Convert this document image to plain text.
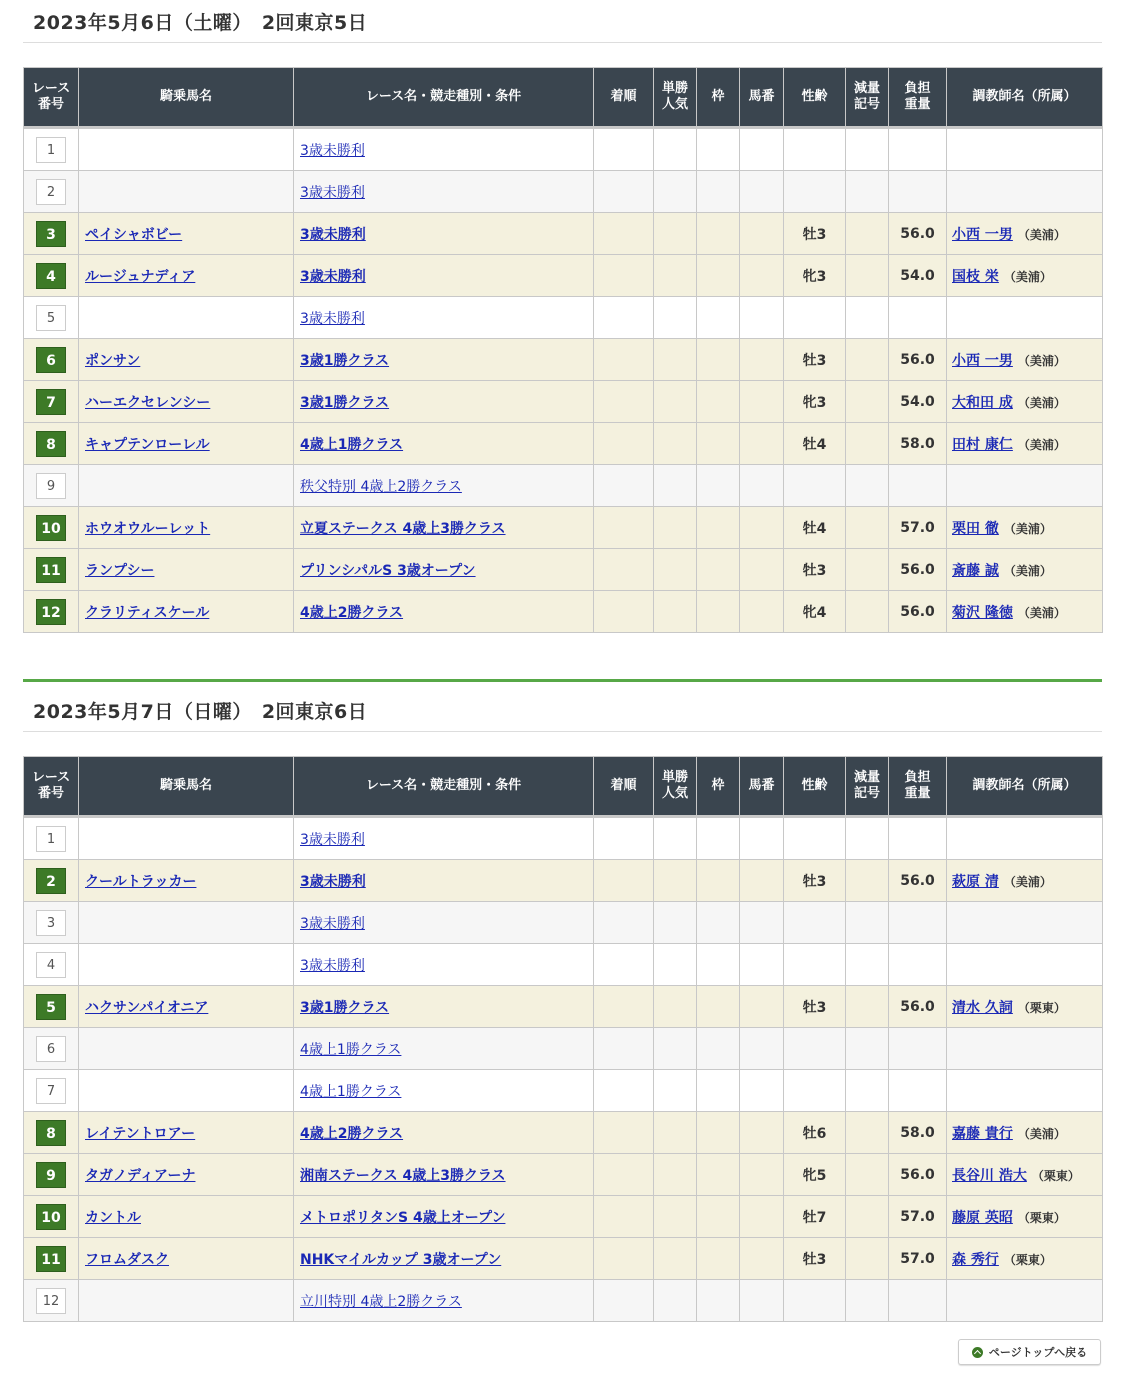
2023年5月6日（土曜）　2回東京5日
レース
番号	騎乗馬名	レース名・競走種別・条件	着順	単勝
人気	枠	馬番	性齢	減量
記号	負担
重量	調教師名（所属）
1		3歳未勝利								
2		3歳未勝利								
3	ペイシャボビー	3歳未勝利					牡3		56.0	小西 一男 （美浦）
4	ルージュナディア	3歳未勝利					牝3		54.0	国枝 栄 （美浦）
5		3歳未勝利								
6	ポンサン	3歳1勝クラス					牡3		56.0	小西 一男 （美浦）
7	ハーエクセレンシー	3歳1勝クラス					牝3		54.0	大和田 成 （美浦）
8	キャプテンローレル	4歳上1勝クラス					牡4		58.0	田村 康仁 （美浦）
9		秩父特別 4歳上2勝クラス								
10	ホウオウルーレット	立夏ステークス 4歳上3勝クラス					牡4		57.0	栗田 徹 （美浦）
11	ランプシー	プリンシパルS 3歳オープン					牡3		56.0	斎藤 誠 （美浦）
12	クラリティスケール	4歳上2勝クラス					牝4		56.0	菊沢 隆徳 （美浦）
2023年5月7日（日曜）　2回東京6日
レース
番号	騎乗馬名	レース名・競走種別・条件	着順	単勝
人気	枠	馬番	性齢	減量
記号	負担
重量	調教師名（所属）
1		3歳未勝利								
2	クールトラッカー	3歳未勝利					牡3		56.0	萩原 清 （美浦）
3		3歳未勝利								
4		3歳未勝利								
5	ハクサンパイオニア	3歳1勝クラス					牡3		56.0	清水 久詞 （栗東）
6		4歳上1勝クラス								
7		4歳上1勝クラス								
8	レイテントロアー	4歳上2勝クラス					牡6		58.0	嘉藤 貴行 （美浦）
9	タガノディアーナ	湘南ステークス 4歳上3勝クラス					牝5		56.0	長谷川 浩大 （栗東）
10	カントル	メトロポリタンS 4歳上オープン					牡7		57.0	藤原 英昭 （栗東）
11	フロムダスク	NHKマイルカップ 3歳オープン					牡3		57.0	森 秀行 （栗東）
12		立川特別 4歳上2勝クラス								
ページトップへ戻る
